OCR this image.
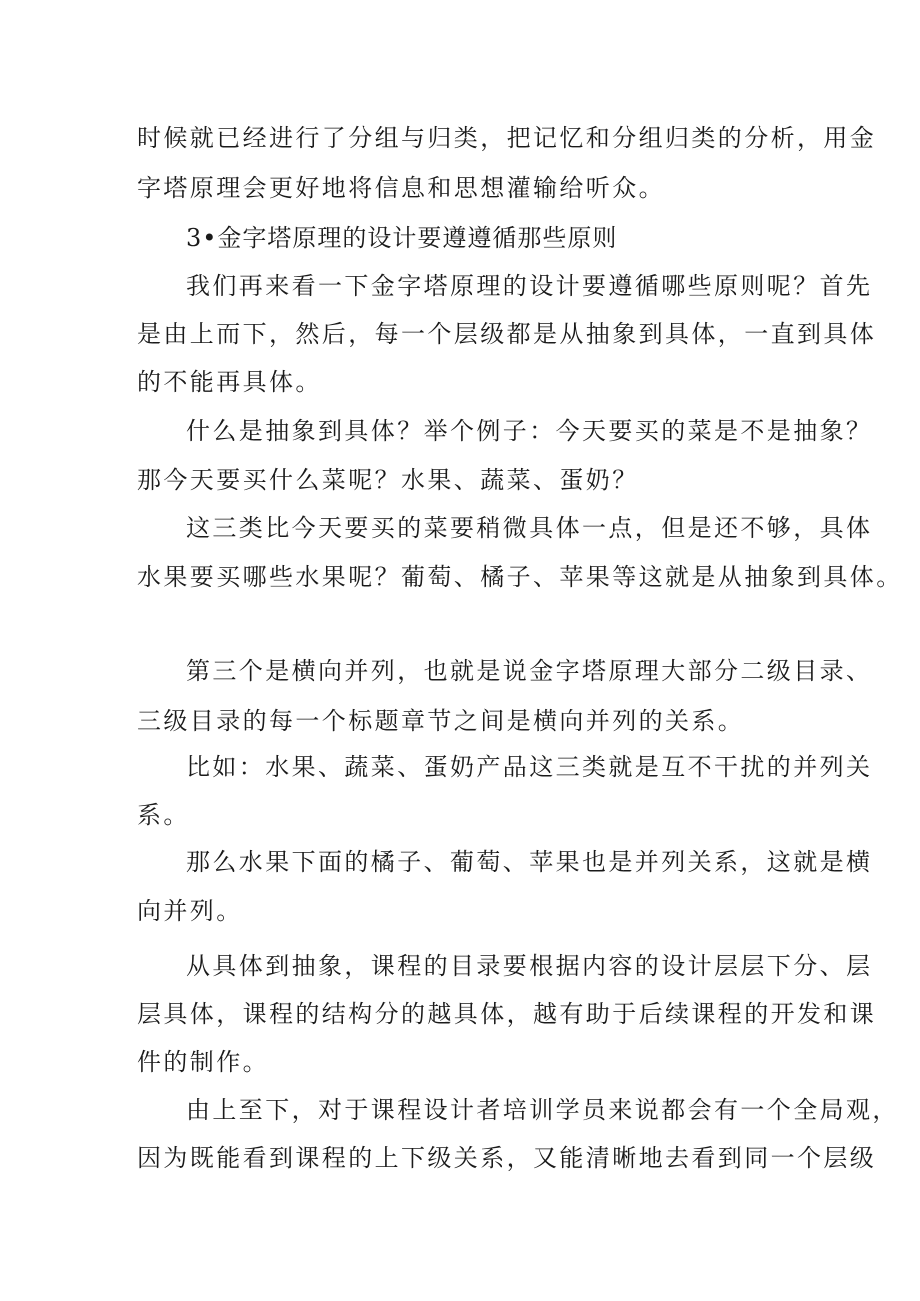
时候就已经进行了分组与归类，把记忆和分组归类的分析，用金
字塔原理会更好地将信息和思想灌输给听众。
3•金字塔原理的设计要遵遵循那些原则
我们再来看一下金字塔原理的设计要遵循哪些原则呢？首先
是由上而下，然后，每一个层级都是从抽象到具体，一直到具体
的不能再具体。
什么是抽象到具体？举个例子：今天要买的菜是不是抽象？
那今天要买什么菜呢？水果、蔬菜、蛋奶？
这三类比今天要买的菜要稍微具体一点，但是还不够，具体
水果要买哪些水果呢？葡萄、橘子、苹果等这就是从抽象到具体。
第三个是横向并列，也就是说金字塔原理大部分二级目录、
三级目录的每一个标题章节之间是横向并列的关系。
比如：水果、蔬菜、蛋奶产品这三类就是互不干扰的并列关
系。
那么水果下面的橘子、葡萄、苹果也是并列关系，这就是横
向并列。
从具体到抽象，课程的目录要根据内容的设计层层下分、层
层具体，课程的结构分的越具体，越有助于后续课程的开发和课
件的制作。
由上至下，对于课程设计者培训学员来说都会有一个全局观，
因为既能看到课程的上下级关系，又能清晰地去看到同一个层级
